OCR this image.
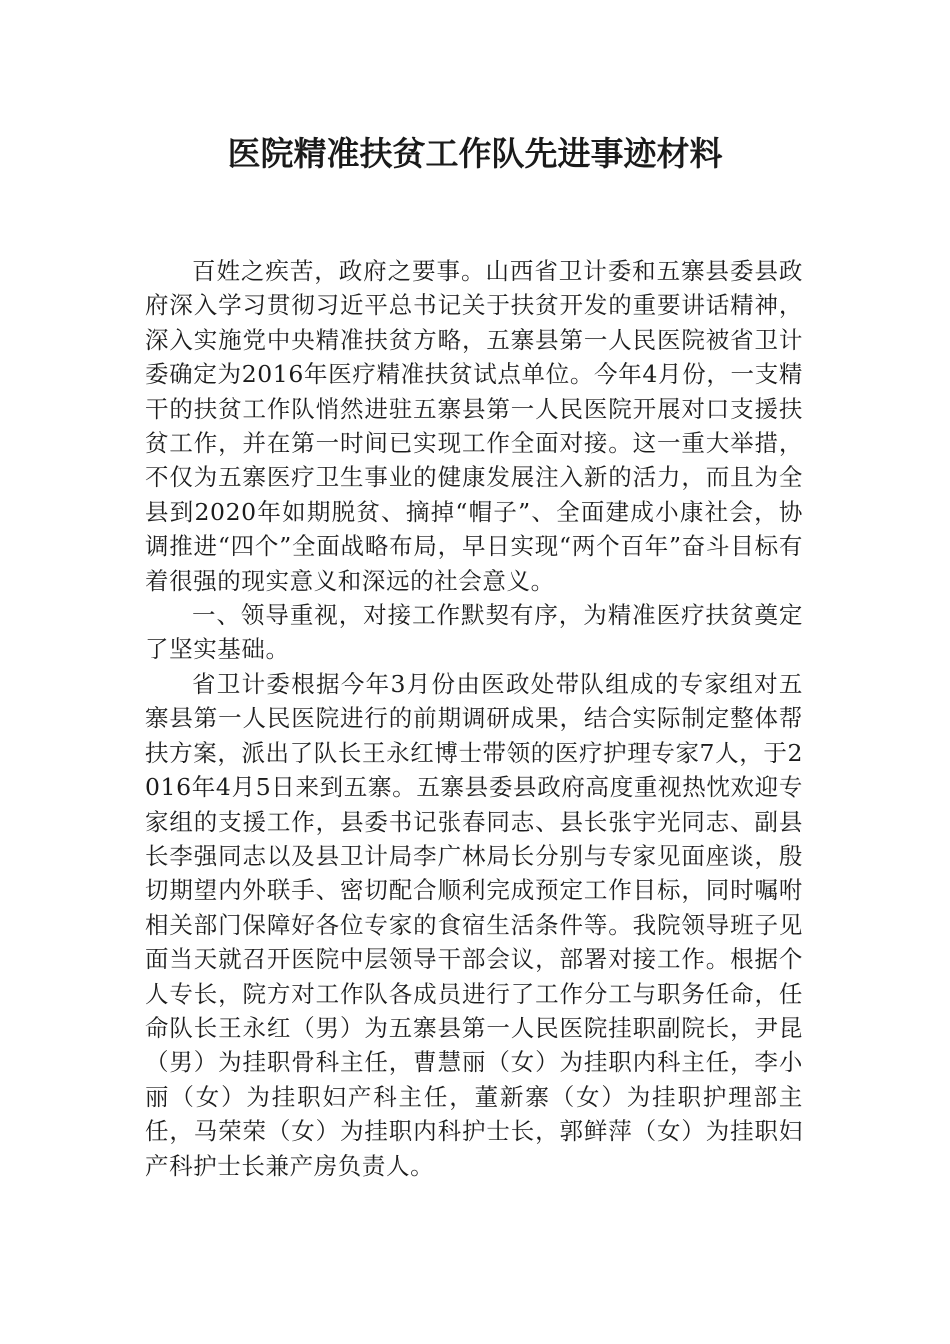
医院精准扶贫工作队先进事迹材料

百姓之疾苦，政府之要事。山西省卫计委和五寨县委县政府深入学习贯彻习近平总书记关于扶贫开发的重要讲话精神，深入实施党中央精准扶贫方略，五寨县第一人民医院被省卫计委确定为2016年医疗精准扶贫试点单位。今年4月份，一支精干的扶贫工作队悄然进驻五寨县第一人民医院开展对口支援扶贫工作，并在第一时间已实现工作全面对接。这一重大举措，不仅为五寨医疗卫生事业的健康发展注入新的活力，而且为全县到2020年如期脱贫、摘掉“帽子”、全面建成小康社会，协调推进“四个”全面战略布局，早日实现“两个百年”奋斗目标有着很强的现实意义和深远的社会意义。

一、领导重视，对接工作默契有序，为精准医疗扶贫奠定了坚实基础。

省卫计委根据今年3月份由医政处带队组成的专家组对五寨县第一人民医院进行的前期调研成果，结合实际制定整体帮扶方案，派出了队长王永红博士带领的医疗护理专家7人，于2016年4月5日来到五寨。五寨县委县政府高度重视热忱欢迎专家组的支援工作，县委书记张春同志、县长张宇光同志、副县长李强同志以及县卫计局李广林局长分别与专家见面座谈，殷切期望内外联手、密切配合顺利完成预定工作目标，同时嘱咐相关部门保障好各位专家的食宿生活条件等。我院领导班子见面当天就召开医院中层领导干部会议，部署对接工作。根据个人专长，院方对工作队各成员进行了工作分工与职务任命，任命队长王永红（男）为五寨县第一人民医院挂职副院长，尹昆（男）为挂职骨科主任，曹慧丽（女）为挂职内科主任，李小丽（女）为挂职妇产科主任，董新寨（女）为挂职护理部主任，马荣荣（女）为挂职内科护士长，郭鲜萍（女）为挂职妇产科护士长兼产房负责人。
